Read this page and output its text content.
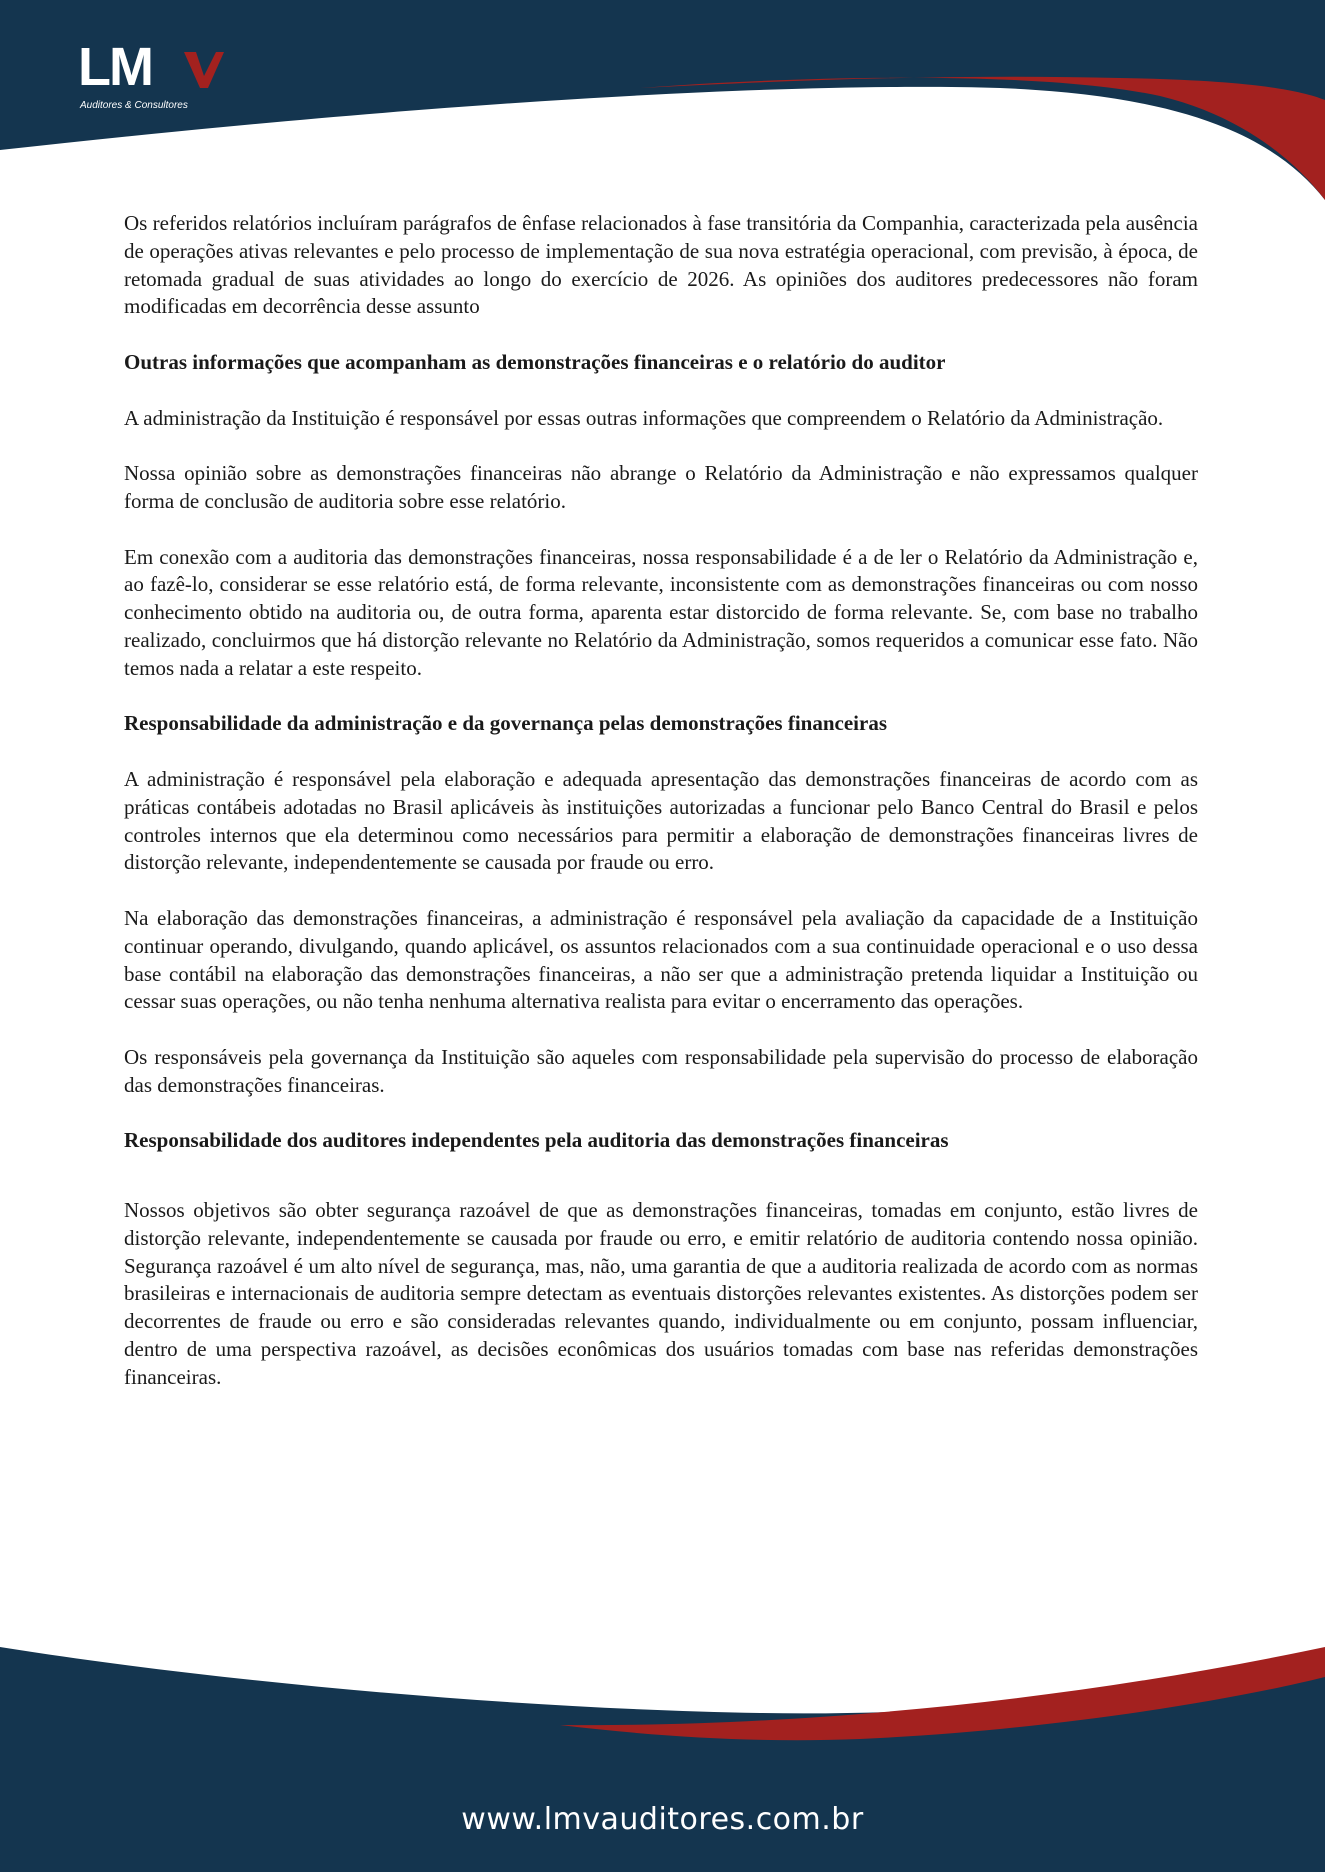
LM
Auditores & Consultores

Os referidos relatórios incluíram parágrafos de ênfase relacionados à fase transitória da Companhia, caracterizada pela ausência de operações ativas relevantes e pelo processo de implementação de sua nova estratégia operacional, com previsão, à época, de retomada gradual de suas atividades ao longo do exercício de 2026. As opiniões dos auditores predecessores não foram modificadas em decorrência desse assunto

Outras informações que acompanham as demonstrações financeiras e o relatório do auditor

A administração da Instituição é responsável por essas outras informações que compreendem o Relatório da Administração.

Nossa opinião sobre as demonstrações financeiras não abrange o Relatório da Administração e não expressamos qualquer forma de conclusão de auditoria sobre esse relatório.

Em conexão com a auditoria das demonstrações financeiras, nossa responsabilidade é a de ler o Relatório da Administração e, ao fazê-lo, considerar se esse relatório está, de forma relevante, inconsistente com as demonstrações financeiras ou com nosso conhecimento obtido na auditoria ou, de outra forma, aparenta estar distorcido de forma relevante. Se, com base no trabalho realizado, concluirmos que há distorção relevante no Relatório da Administração, somos requeridos a comunicar esse fato. Não temos nada a relatar a este respeito.

Responsabilidade da administração e da governança pelas demonstrações financeiras

A administração é responsável pela elaboração e adequada apresentação das demonstrações financeiras de acordo com as práticas contábeis adotadas no Brasil aplicáveis às instituições autorizadas a funcionar pelo Banco Central do Brasil e pelos controles internos que ela determinou como necessários para permitir a elaboração de demonstrações financeiras livres de distorção relevante, independentemente se causada por fraude ou erro.

Na elaboração das demonstrações financeiras, a administração é responsável pela avaliação da capacidade de a Instituição continuar operando, divulgando, quando aplicável, os assuntos relacionados com a sua continuidade operacional e o uso dessa base contábil na elaboração das demonstrações financeiras, a não ser que a administração pretenda liquidar a Instituição ou cessar suas operações, ou não tenha nenhuma alternativa realista para evitar o encerramento das operações.

Os responsáveis pela governança da Instituição são aqueles com responsabilidade pela supervisão do processo de elaboração das demonstrações financeiras.

Responsabilidade dos auditores independentes pela auditoria das demonstrações financeiras

Nossos objetivos são obter segurança razoável de que as demonstrações financeiras, tomadas em conjunto, estão livres de distorção relevante, independentemente se causada por fraude ou erro, e emitir relatório de auditoria contendo nossa opinião. Segurança razoável é um alto nível de segurança, mas, não, uma garantia de que a auditoria realizada de acordo com as normas brasileiras e internacionais de auditoria sempre detectam as eventuais distorções relevantes existentes. As distorções podem ser decorrentes de fraude ou erro e são consideradas relevantes quando, individualmente ou em conjunto, possam influenciar, dentro de uma perspectiva razoável, as decisões econômicas dos usuários tomadas com base nas referidas demonstrações financeiras.

www.lmvauditores.com.br
